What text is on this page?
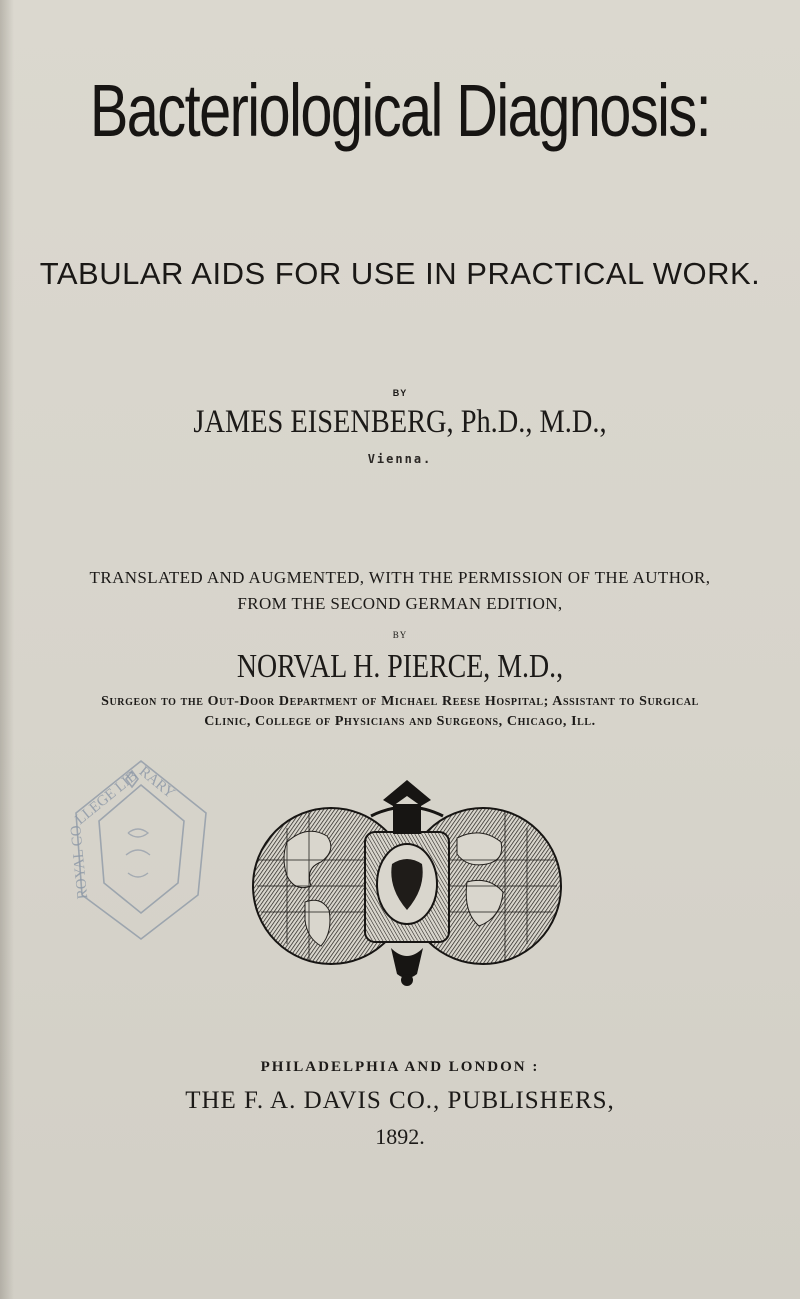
Bacteriological Diagnosis:
TABULAR AIDS FOR USE IN PRACTICAL WORK.
BY
JAMES EISENBERG, Ph.D., M.D.,
Vienna.
TRANSLATED AND AUGMENTED, WITH THE PERMISSION OF THE AUTHOR,
FROM THE SECOND GERMAN EDITION,
BY
NORVAL H. PIERCE, M.D.,
Surgeon to the Out-Door Department of Michael Reese Hospital; Assistant to Surgical
Clinic, College of Physicians and Surgeons, Chicago, Ill.
ROYAL COLLEGE LIBRARY
PHILADELPHIA AND LONDON :
THE F. A. DAVIS CO., PUBLISHERS,
1892.
